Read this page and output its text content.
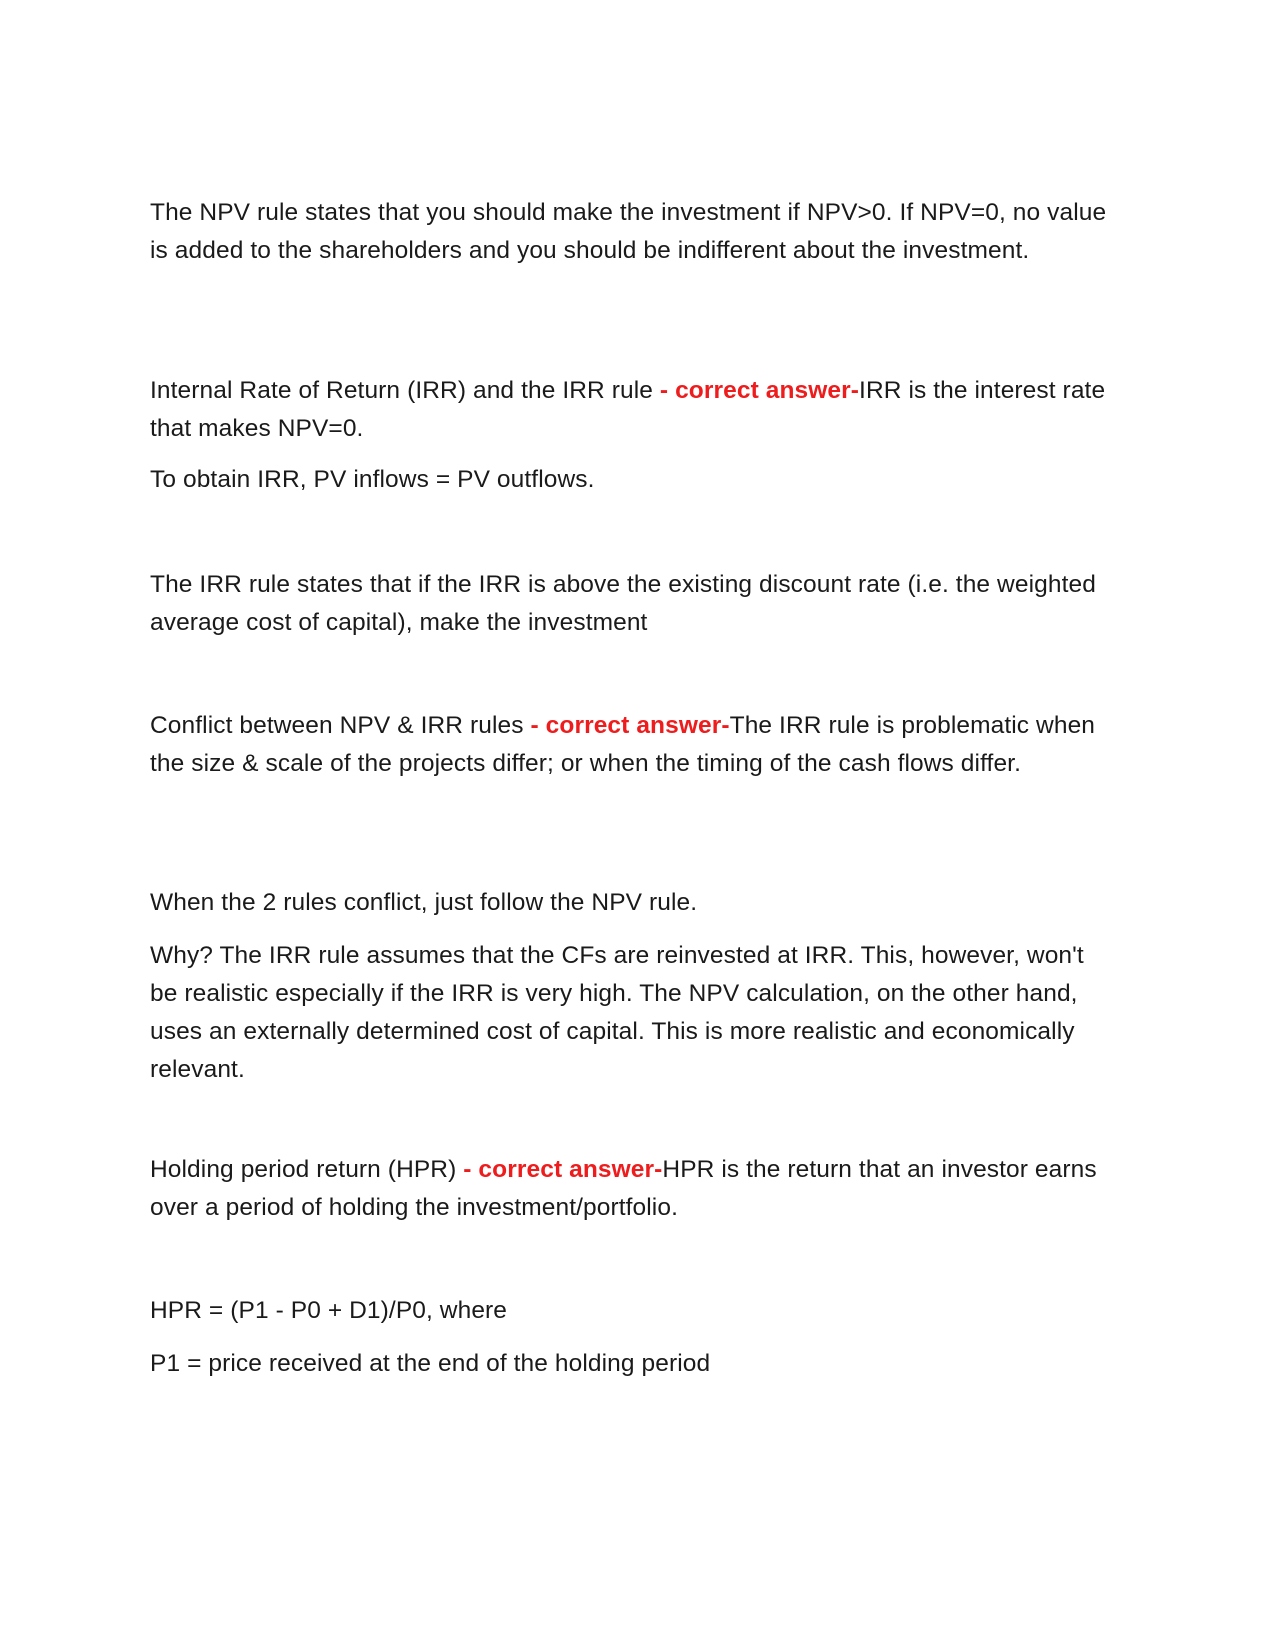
The NPV rule states that you should make the investment if NPV>0. If NPV=0, no value is added to the shareholders and you should be indifferent about the investment.

Internal Rate of Return (IRR) and the IRR rule - correct answer-IRR is the interest rate that makes NPV=0.

To obtain IRR, PV inflows = PV outflows.

The IRR rule states that if the IRR is above the existing discount rate (i.e. the weighted average cost of capital), make the investment

Conflict between NPV & IRR rules - correct answer-The IRR rule is problematic when the size & scale of the projects differ; or when the timing of the cash flows differ.

When the 2 rules conflict, just follow the NPV rule.

Why? The IRR rule assumes that the CFs are reinvested at IRR. This, however, won't be realistic especially if the IRR is very high. The NPV calculation, on the other hand, uses an externally determined cost of capital. This is more realistic and economically relevant.

Holding period return (HPR) - correct answer-HPR is the return that an investor earns over a period of holding the investment/portfolio.

HPR = (P1 - P0 + D1)/P0, where

P1 = price received at the end of the holding period
